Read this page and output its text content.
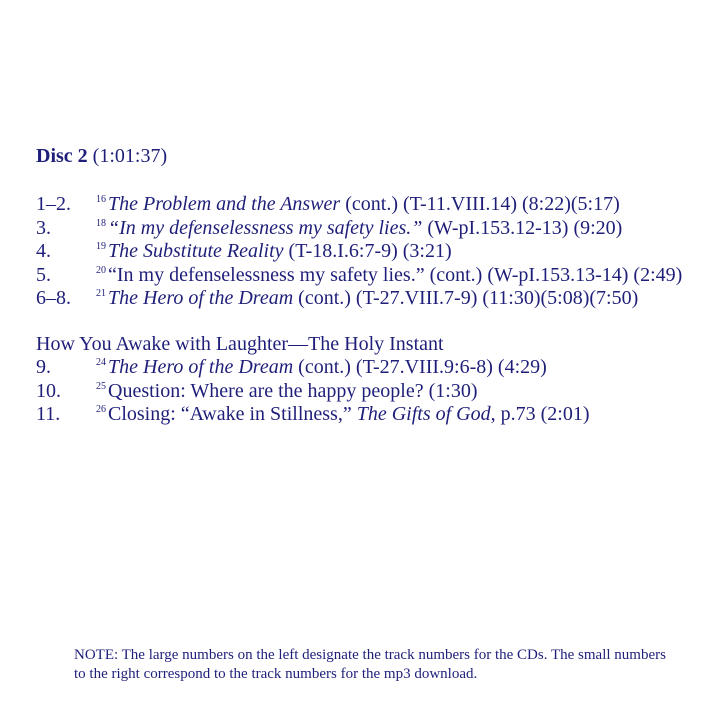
Disc 2 (1:01:37)
1–2.	$^{16}$ The Problem and the Answer (cont.) (T-11.VIII.14) (8:22)(5:17)
3.	$^{18}$ “In my defenselessness my safety lies.” (W-pI.153.12-13) (9:20)
4.	$^{19}$ The Substitute Reality (T-18.I.6:7-9) (3:21)
5.	$^{20}$ “In my defenselessness my safety lies.” (cont.) (W-pI.153.13-14) (2:49)
6–8.	$^{21}$ The Hero of the Dream (cont.) (T-27.VIII.7-9) (11:30)(5:08)(7:50)
How You Awake with Laughter—The Holy Instant
9.	$^{24}$ The Hero of the Dream (cont.) (T-27.VIII.9:6-8) (4:29)
10.	$^{25}$ Question: Where are the happy people? (1:30)
11.	$^{26}$ Closing: “Awake in Stillness,” The Gifts of God, p.73 (2:01)
NOTE: The large numbers on the left designate the track numbers for the CDs. The small numbers to the right correspond to the track numbers for the mp3 download.
